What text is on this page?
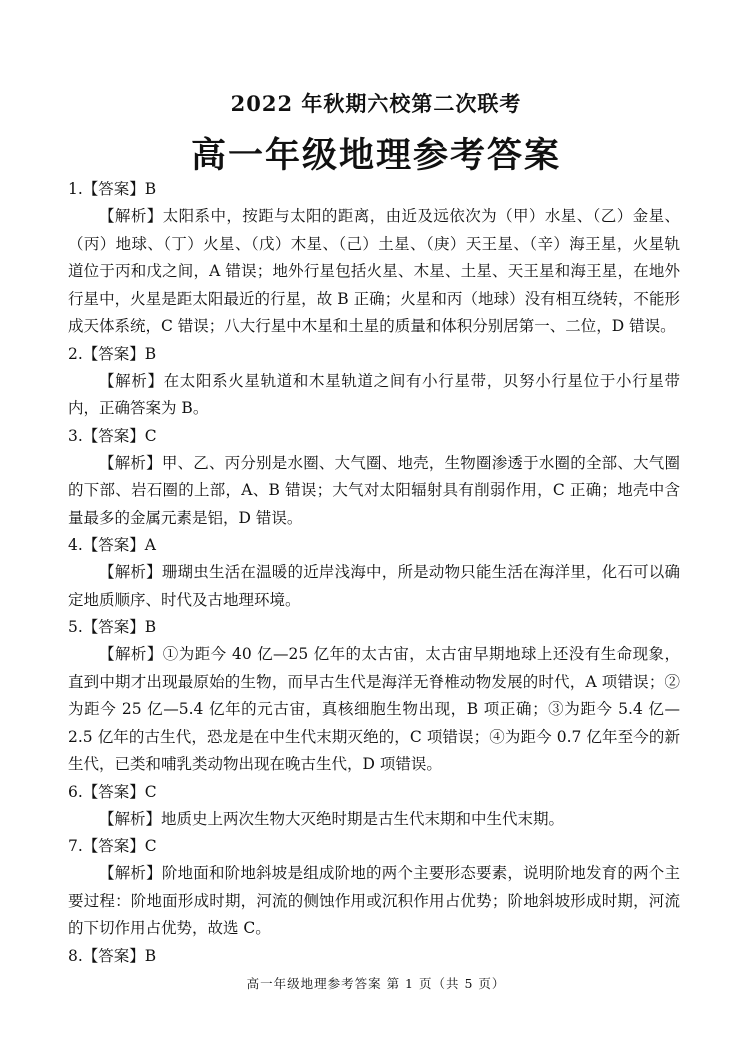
2022 年秋期六校第二次联考
高一年级地理参考答案
1.【答案】B
【解析】太阳系中，按距与太阳的距离，由近及远依次为（甲）水星、（乙）金星、（丙）地球、（丁）火星、（戊）木星、（己）土星、（庚）天王星、（辛）海王星，火星轨道位于丙和戊之间，A 错误；地外行星包括火星、木星、土星、天王星和海王星，在地外行星中，火星是距太阳最近的行星，故 B 正确；火星和丙（地球）没有相互绕转，不能形成天体系统，C 错误；八大行星中木星和土星的质量和体积分别居第一、二位，D 错误。
2.【答案】B
【解析】在太阳系火星轨道和木星轨道之间有小行星带，贝努小行星位于小行星带内，正确答案为 B。
3.【答案】C
【解析】甲、乙、丙分别是水圈、大气圈、地壳，生物圈渗透于水圈的全部、大气圈的下部、岩石圈的上部，A、B 错误；大气对太阳辐射具有削弱作用，C 正确；地壳中含量最多的金属元素是铝，D 错误。
4.【答案】A
【解析】珊瑚虫生活在温暖的近岸浅海中，所是动物只能生活在海洋里，化石可以确定地质顺序、时代及古地理环境。
5.【答案】B
【解析】①为距今 40 亿—25 亿年的太古宙，太古宙早期地球上还没有生命现象，直到中期才出现最原始的生物，而早古生代是海洋无脊椎动物发展的时代，A 项错误；②为距今 25 亿—5.4 亿年的元古宙，真核细胞生物出现，B 项正确；③为距今 5.4 亿—2.5 亿年的古生代，恐龙是在中生代末期灭绝的，C 项错误；④为距今 0.7 亿年至今的新生代，已类和哺乳类动物出现在晚古生代，D 项错误。
6.【答案】C
【解析】地质史上两次生物大灭绝时期是古生代末期和中生代末期。
7.【答案】C
【解析】阶地面和阶地斜坡是组成阶地的两个主要形态要素，说明阶地发育的两个主要过程：阶地面形成时期，河流的侧蚀作用或沉积作用占优势；阶地斜坡形成时期，河流的下切作用占优势，故选 C。
8.【答案】B
高一年级地理参考答案 第 1 页（共 5 页）
